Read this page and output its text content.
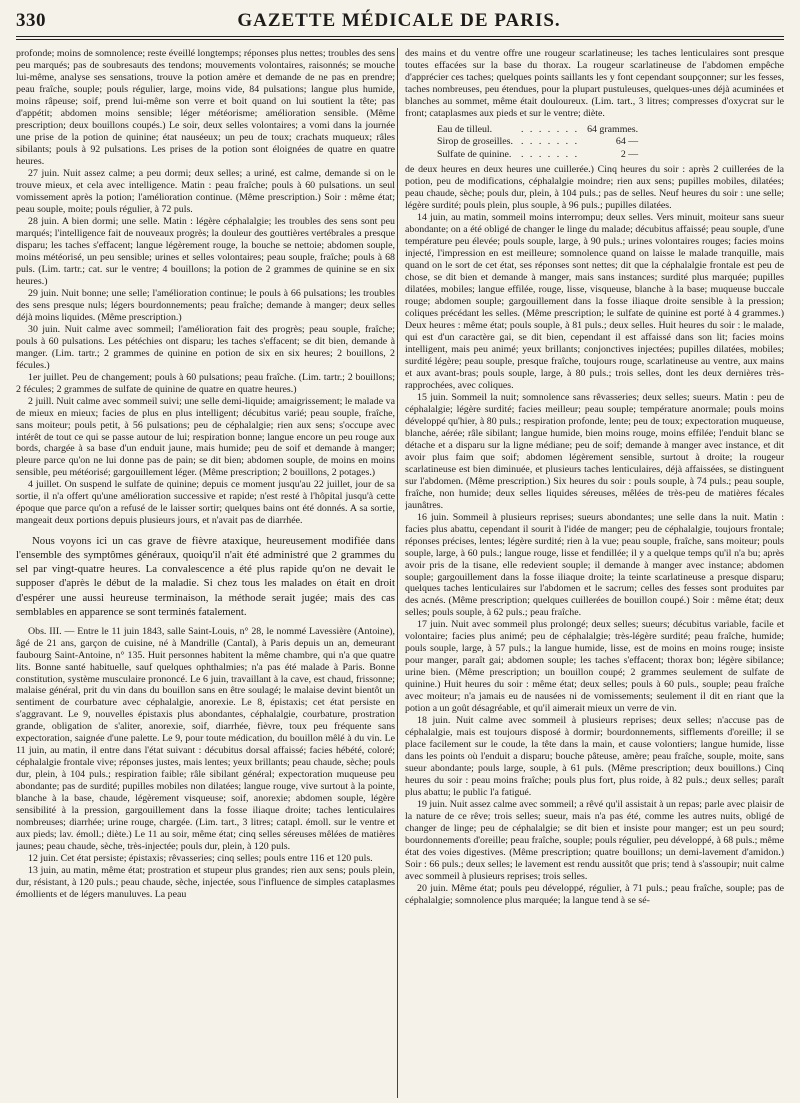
330	GAZETTE MÉDICALE DE PARIS.

profonde; moins de somnolence; reste éveillé longtemps; réponses plus nettes; troubles des sens peu marqués; pas de soubresauts des tendons; mouvements volontaires, raisonnés; se mouche lui-même, analyse ses sensations, trouve la potion amère et demande de ne pas en prendre; peau fraîche, souple; pouls régulier, large, moins vide, 84 pulsations; langue plus humide, moins râpeuse; soif, prend lui-même son verre et boit quand on lui soutient la tête; pas d'appétit; abdomen moins sensible; léger météorisme; amélioration sensible. (Même prescription; deux bouillons coupés.) Le soir, deux selles volontaires; a vomi dans la journée une prise de la potion de quinine; état nauséeux; un peu de toux; crachats muqueux; râles sibilants; pouls à 92 pulsations. Les prises de la potion sont éloignées de quatre en quatre heures.

27 juin. Nuit assez calme; a peu dormi; deux selles; a uriné, est calme, demande si on le trouve mieux, et cela avec intelligence. Matin : peau fraîche; pouls à 60 pulsations. un seul vomissement après la potion; l'amélioration continue. (Même prescription.) Soir : même état; peau souple, moite; pouls régulier, à 72 puls.

28 juin. A bien dormi; une selle. Matin : légère céphalalgie; les troubles des sens sont peu marqués; l'intelligence fait de nouveaux progrès; la douleur des gouttières vertébrales a presque disparu; les taches s'effacent; langue légèrement rouge, la bouche se nettoie; abdomen souple, moins météorisé, un peu sensible; urines et selles volontaires; peau souple, fraîche; pouls à 68 puls. (Lim. tartr.; cat. sur le ventre; 4 bouillons; la potion de 2 grammes de quinine se en six heures.)

29 juin. Nuit bonne; une selle; l'amélioration continue; le pouls à 66 pulsations; les troubles des sens presque nuls; légers bourdonnements; peau fraîche; demande à manger; deux selles déjà moins liquides. (Même prescription.)

30 juin. Nuit calme avec sommeil; l'amélioration fait des progrès; peau souple, fraîche; pouls à 60 pulsations. Les pétéchies ont disparu; les taches s'effacent; se dit bien, demande à manger. (Lim. tartr.; 2 grammes de quinine en potion de six en six heures; 2 bouillons, 2 fécules.)

1er juillet. Peu de changement; pouls à 60 pulsations; peau fraîche. (Lim. tartr.; 2 bouillons; 2 fécules; 2 grammes de sulfate de quinine de quatre en quatre heures.)

2 juill. Nuit calme avec sommeil suivi; une selle demi-liquide; amaigrissement; le malade va de mieux en mieux; facies de plus en plus intelligent; décubitus varié; peau souple, fraîche, sans moiteur; pouls petit, à 56 pulsations; peu de céphalalgie; rien aux sens; s'occupe avec intérêt de tout ce qui se passe autour de lui; respiration bonne; langue encore un peu rouge aux bords, chargée à sa base d'un enduit jaune, mais humide; peu de soif et demande à manger; pleure parce qu'on ne lui donne pas de pain; se dit bien; abdomen souple, de moins en moins sensible, peu météorisé; gargouillement léger. (Même prescription; 2 bouillons, 2 potages.)

4 juillet. On suspend le sulfate de quinine; depuis ce moment jusqu'au 22 juillet, jour de sa sortie, il n'a offert qu'une amélioration successive et rapide; n'est resté à l'hôpital jusqu'à cette époque que parce qu'on a refusé de le laisser sortir; quelques bains ont été donnés. A sa sortie, mangeait deux portions depuis plusieurs jours, et n'avait pas de diarrhée.

Nous voyons ici un cas grave de fièvre ataxique, heureusement modifiée dans l'ensemble des symptômes généraux, quoiqu'il n'ait été administré que 2 grammes du sel par vingt-quatre heures. La convalescence a été plus rapide qu'on ne devait le supposer d'après le début de la maladie. Si chez tous les malades on était en droit d'espérer une aussi heureuse terminaison, la méthode serait jugée; mais des cas semblables en apparence se sont terminés fatalement.

Obs. III. — Entre le 11 juin 1843, salle Saint-Louis, n° 28, le nommé Lavessière (Antoine), âgé de 21 ans, garçon de cuisine, né à Mandrille (Cantal), à Paris depuis un an, demeurant faubourg Saint-Antoine, n° 135. Huit personnes habitent la même chambre, qui n'a que quatre lits. Bonne santé habituelle, sauf quelques ophthalmies; n'a pas été malade à Paris. Bonne constitution, système musculaire prononcé. Le 6 juin, travaillant à la cave, est chaud, frissonne; malaise général, prit du vin dans du bouillon sans en être soulagé; le malaise devint bientôt un sentiment de courbature avec céphalalgie, anorexie. Le 8, épistaxis; cet état persiste en s'aggravant. Le 9, nouvelles épistaxis plus abondantes, céphalalgie, courbature, prostration grande, obligation de s'aliter, anorexie, soif, diarrhée, fièvre, toux peu fréquente sans expectoration, saignée d'une palette. Le 9, pour toute médication, du bouillon mêlé à du vin. Le 11 juin, au matin, il entre dans l'état suivant : décubitus dorsal affaissé; facies hébété, coloré; céphalalgie frontale vive; réponses justes, mais lentes; yeux brillants; peau chaude, sèche; pouls dur, plein, à 104 puls.; respiration faible; râle sibilant général; expectoration muqueuse peu abondante; pas de surdité; pupilles mobiles non dilatées; langue rouge, vive surtout à la pointe, blanche à la base, chaude, légèrement visqueuse; soif, anorexie; abdomen souple, légère sensibilité à la pression, gargouillement dans la fosse iliaque droite; taches lenticulaires nombreuses; diarrhée; urine rouge, chargée. (Lim. tart., 3 litres; catapl. émoll. sur le ventre et aux pieds; lav. émoll.; diète.) Le 11 au soir, même état; cinq selles séreuses mêlées de matières jaunes; peau chaude, sèche, très-injectée; pouls dur, plein, à 120 puls.

12 juin. Cet état persiste; épistaxis; rêvasseries; cinq selles; pouls entre 116 et 120 puls.

13 juin, au matin, même état; prostration et stupeur plus grandes; rien aux sens; pouls plein, dur, résistant, à 120 puls.; peau chaude, sèche, injectée, sous l'influence de simples cataplasmes émollients et de légers manuluves. La peau

des mains et du ventre offre une rougeur scarlatineuse; les taches lenticulaires sont presque toutes effacées sur la base du thorax. La rougeur scarlatineuse de l'abdomen empêche d'apprécier ces taches; quelques points saillants les y font cependant soupçonner; sur les fesses, taches nombreuses, peu étendues, pour la plupart pustuleuses, quelques-unes déjà acuminées et blanches au sommet, même était douloureux. (Lim. tart., 3 litres; compresses d'oxycrat sur le front; cataplasmes aux pieds et sur le ventre; diète.

Eau de tilleul.	. . . . . . .	64 grammes.
Sirop de groseilles.	. . . . . . .	64 —
Sulfate de quinine.	. . . . . . .	2 —

de deux heures en deux heures une cuillerée.) Cinq heures du soir : après 2 cuillerées de la potion, peu de modifications, céphalalgie moindre; rien aux sens; pupilles mobiles, dilatées; peau chaude, sèche; pouls dur, plein, à 104 puls.; pas de selles. Neuf heures du soir : une selle; légère surdité; pouls plein, plus souple, à 96 puls.; pupilles dilatées.

14 juin, au matin, sommeil moins interrompu; deux selles. Vers minuit, moiteur sans sueur abondante; on a été obligé de changer le linge du malade; décubitus affaissé; peau souple, d'une température peu élevée; pouls souple, large, à 90 puls.; urines volontaires rouges; facies moins injecté, l'impression en est meilleure; somnolence quand on laisse le malade tranquille, mais quand on le sort de cet état, ses réponses sont nettes; dit que la céphalalgie frontale est peu de chose, se dit bien et demande à manger, mais sans instances; surdité plus marquée; pupilles dilatées, mobiles; langue effilée, rouge, lisse, visqueuse, blanche à la base; muqueuse buccale rouge; abdomen souple; gargouillement dans la fosse iliaque droite sensible à la pression; coliques précédant les selles. (Même prescription; le sulfate de quinine est porté à 4 grammes.) Deux heures : même état; pouls souple, à 81 puls.; deux selles. Huit heures du soir : le malade, qui est d'un caractère gai, se dit bien, cependant il est affaissé dans son lit; facies moins intelligent, mais peu animé; yeux brillants; conjonctives injectées; pupilles dilatées, mobiles; surdité légère; peau souple, presque fraîche, toujours rouge, scarlatineuse au ventre, aux mains et aux avant-bras; pouls souple, large, à 80 puls.; trois selles, dont les deux dernières très-rapprochées, avec coliques.

15 juin. Sommeil la nuit; somnolence sans rêvasseries; deux selles; sueurs. Matin : peu de céphalalgie; légère surdité; facies meilleur; peau souple; température anormale; pouls moins développé qu'hier, à 80 puls.; respiration profonde, lente; peu de toux; expectoration muqueuse, blanche, aérée; râle sibilant; langue humide, bien moins rouge, moins effilée; l'enduit blanc se détache et a disparu sur la ligne médiane; peu de soif; demande à manger avec instance, et dit avoir plus faim que soif; abdomen légèrement sensible, surtout à droite; la rougeur scarlatineuse est bien diminuée, et plusieurs taches lenticulaires, déjà affaissées, se distinguent sur l'abdomen. (Même prescription.) Six heures du soir : pouls souple, à 74 puls.; peau souple, fraîche, non humide; deux selles liquides séreuses, mêlées de très-peu de matières fécales jaunâtres.

16 juin. Sommeil à plusieurs reprises; sueurs abondantes; une selle dans la nuit. Matin : facies plus abattu, cependant il sourit à l'idée de manger; peu de céphalalgie, toujours frontale; réponses précises, lentes; légère surdité; rien à la vue; peau souple, fraîche, sans moiteur; pouls souple, large, à 60 puls.; langue rouge, lisse et fendillée; il y a quelque temps qu'il n'a bu; après avoir pris de la tisane, elle redevient souple; il demande à manger avec instance; abdomen souple; gargouillement dans la fosse iliaque droite; la teinte scarlatineuse a presque disparu; quelques taches lenticulaires sur l'abdomen et le sacrum; celles des fesses sont produites par des acnés. (Même prescription; quelques cuillerées de bouillon coupé.) Soir : même état; deux selles; pouls souple, à 62 puls.; peau fraîche.

17 juin. Nuit avec sommeil plus prolongé; deux selles; sueurs; décubitus variable, facile et volontaire; facies plus animé; peu de céphalalgie; très-légère surdité; peau fraîche, humide; pouls souple, large, à 57 puls.; la langue humide, lisse, est de moins en moins rouge; insiste pour manger, paraît gai; abdomen souple; les taches s'effacent; thorax bon; légère sibilance; urine bien. (Même prescription; un bouillon coupé; 2 grammes seulement de sulfate de quinine.) Huit heures du soir : même état; deux selles; pouls à 60 puls., souple; peau fraîche avec moiteur; n'a jamais eu de nausées ni de vomissements; seulement il dit en riant que la potion a un goût désagréable, et qu'il aimerait mieux un verre de vin.

18 juin. Nuit calme avec sommeil à plusieurs reprises; deux selles; n'accuse pas de céphalalgie, mais est toujours disposé à dormir; bourdonnements, sifflements d'oreille; il se place facilement sur le coude, la tête dans la main, et cause volontiers; langue humide, lisse dans les points où l'enduit a disparu; bouche pâteuse, amère; peau fraîche, souple, moite, sans sueur abondante; pouls large, souple, à 61 puls. (Même prescription; deux bouillons.) Cinq heures du soir : peau moins fraîche; pouls plus fort, plus roide, à 82 puls.; deux selles; paraît plus abattu; le public l'a fatigué.

19 juin. Nuit assez calme avec sommeil; a rêvé qu'il assistait à un repas; parle avec plaisir de la nature de ce rêve; trois selles; sueur, mais n'a pas été, comme les autres nuits, obligé de changer de linge; peu de céphalalgie; se dit bien et insiste pour manger; est un peu sourd; bourdonnements d'oreille; peau fraîche, souple; pouls régulier, peu développé, à 68 puls.; même état des voies digestives. (Même prescription; quatre bouillons; un demi-lavement d'amidon.) Soir : 66 puls.; deux selles; le lavement est rendu aussitôt que pris; tend à s'assoupir; nuit calme avec sommeil à plusieurs reprises; trois selles.

20 juin. Même état; pouls peu développé, régulier, à 71 puls.; peau fraîche, souple; pas de céphalalgie; somnolence plus marquée; la langue tend à se sé-
